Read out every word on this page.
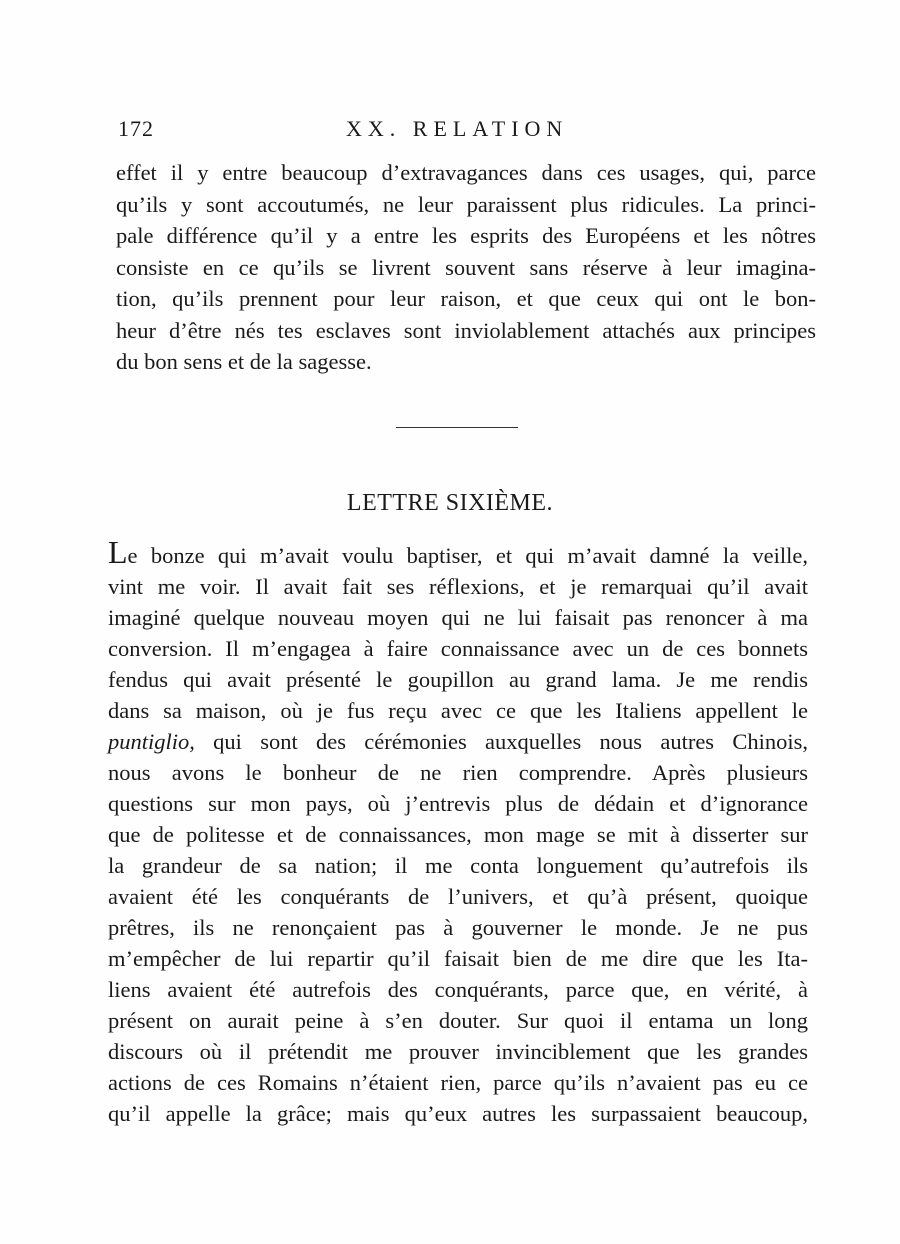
172	XX. RELATION
effet il y entre beaucoup d’extravagances dans ces usages, qui, parce
qu’ils y sont accoutumés, ne leur paraissent plus ridicules. La princi-
pale différence qu’il y a entre les esprits des Européens et les nôtres
consiste en ce qu’ils se livrent souvent sans réserve à leur imagina-
tion, qu’ils prennent pour leur raison, et que ceux qui ont le bon-
heur d’être nés tes esclaves sont inviolablement attachés aux principes
du bon sens et de la sagesse.
LETTRE SIXIÈME.
Le bonze qui m’avait voulu baptiser, et qui m’avait damné la veille,
vint me voir. Il avait fait ses réflexions, et je remarquai qu’il avait
imaginé quelque nouveau moyen qui ne lui faisait pas renoncer à ma
conversion. Il m’engagea à faire connaissance avec un de ces bonnets
fendus qui avait présenté le goupillon au grand lama. Je me rendis
dans sa maison, où je fus reçu avec ce que les Italiens appellent le
puntiglio, qui sont des cérémonies auxquelles nous autres Chinois,
nous avons le bonheur de ne rien comprendre. Après plusieurs
questions sur mon pays, où j’entrevis plus de dédain et d’ignorance
que de politesse et de connaissances, mon mage se mit à disserter sur
la grandeur de sa nation; il me conta longuement qu’autrefois ils
avaient été les conquérants de l’univers, et qu’à présent, quoique
prêtres, ils ne renonçaient pas à gouverner le monde. Je ne pus
m’empêcher de lui repartir qu’il faisait bien de me dire que les Ita-
liens avaient été autrefois des conquérants, parce que, en vérité, à
présent on aurait peine à s’en douter. Sur quoi il entama un long
discours où il prétendit me prouver invinciblement que les grandes
actions de ces Romains n’étaient rien, parce qu’ils n’avaient pas eu ce
qu’il appelle la grâce; mais qu’eux autres les surpassaient beaucoup,
